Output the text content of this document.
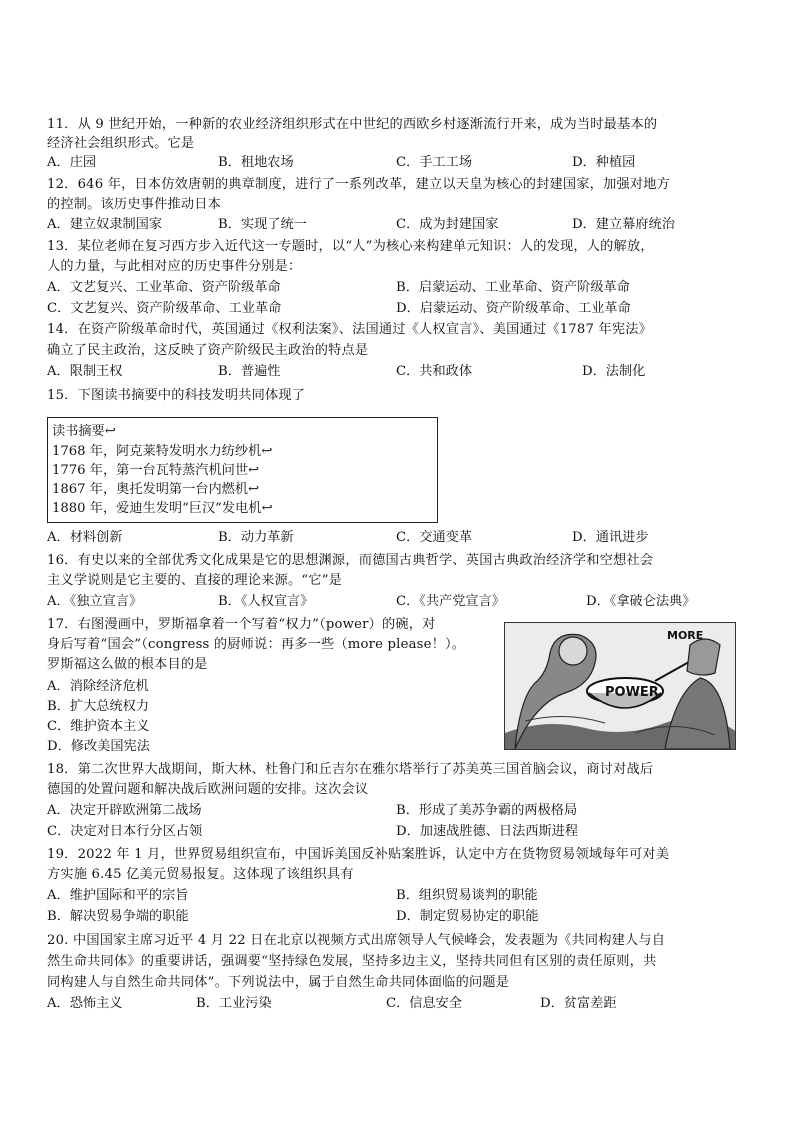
11．从 9 世纪开始，一种新的农业经济组织形式在中世纪的西欧乡村逐渐流行开来，成为当时最基本的
经济社会组织形式。它是
A．庄园	B．租地农场	C．手工工场	D．种植园
12．646 年，日本仿效唐朝的典章制度，进行了一系列改革，建立以天皇为核心的封建国家，加强对地方
的控制。该历史事件推动日本
A．建立奴隶制国家	B．实现了统一	C．成为封建国家	D．建立幕府统治
13．某位老师在复习西方步入近代这一专题时，以“人”为核心来构建单元知识：人的发现，人的解放，
人的力量，与此相对应的历史事件分别是：
A．文艺复兴、工业革命、资产阶级革命	B．启蒙运动、工业革命、资产阶级革命
C．文艺复兴、资产阶级革命、工业革命	D．启蒙运动、资产阶级革命、工业革命
14．在资产阶级革命时代，英国通过《权利法案》、法国通过《人权宣言》、美国通过《1787 年宪法》
确立了民主政治，这反映了资产阶级民主政治的特点是
A．限制王权	B．普遍性	C．共和政体	D．法制化
15．下图读书摘要中的科技发明共同体现了
读书摘要↩
1768 年，阿克莱特发明水力纺纱机↩
1776 年，第一台瓦特蒸汽机问世↩
1867 年，奥托发明第一台内燃机↩
1880 年，爱迪生发明“巨汉”发电机↩
A．材料创新	B．动力革新	C．交通变革	D．通讯进步
16．有史以来的全部优秀文化成果是它的思想渊源，而德国古典哲学、英国古典政治经济学和空想社会
主义学说则是它主要的、直接的理论来源。“它”是
A．《独立宣言》	B．《人权宣言》	C．《共产党宣言》	D．《拿破仑法典》
17．右图漫画中，罗斯福拿着一个写着“权力”（power）的碗，对
身后写着“国会”（congress 的厨师说：再多一些（more please！）。
罗斯福这么做的根本目的是
A．消除经济危机
B．扩大总统权力
C．维护资本主义
D．修改美国宪法
MORE
POWER
18．第二次世界大战期间，斯大林、杜鲁门和丘吉尔在雅尔塔举行了苏美英三国首脑会议，商讨对战后
德国的处置问题和解决战后欧洲问题的安排。这次会议
A．决定开辟欧洲第二战场	B．形成了美苏争霸的两极格局
C．决定对日本行分区占领	D．加速战胜德、日法西斯进程
19．2022 年 1 月，世界贸易组织宣布，中国诉美国反补贴案胜诉，认定中方在货物贸易领域每年可对美
方实施 6.45 亿美元贸易报复。这体现了该组织具有
A．维护国际和平的宗旨	B．组织贸易谈判的职能
B．解决贸易争端的职能	D．制定贸易协定的职能
20. 中国国家主席习近平 4 月 22 日在北京以视频方式出席领导人气候峰会，发表题为《共同构建人与自
然生命共同体》的重要讲话，强调要“坚持绿色发展，坚持多边主义，坚持共同但有区别的责任原则，共
同构建人与自然生命共同体”。下列说法中，属于自然生命共同体面临的问题是
A．恐怖主义	B．工业污染	C．信息安全	D．贫富差距
